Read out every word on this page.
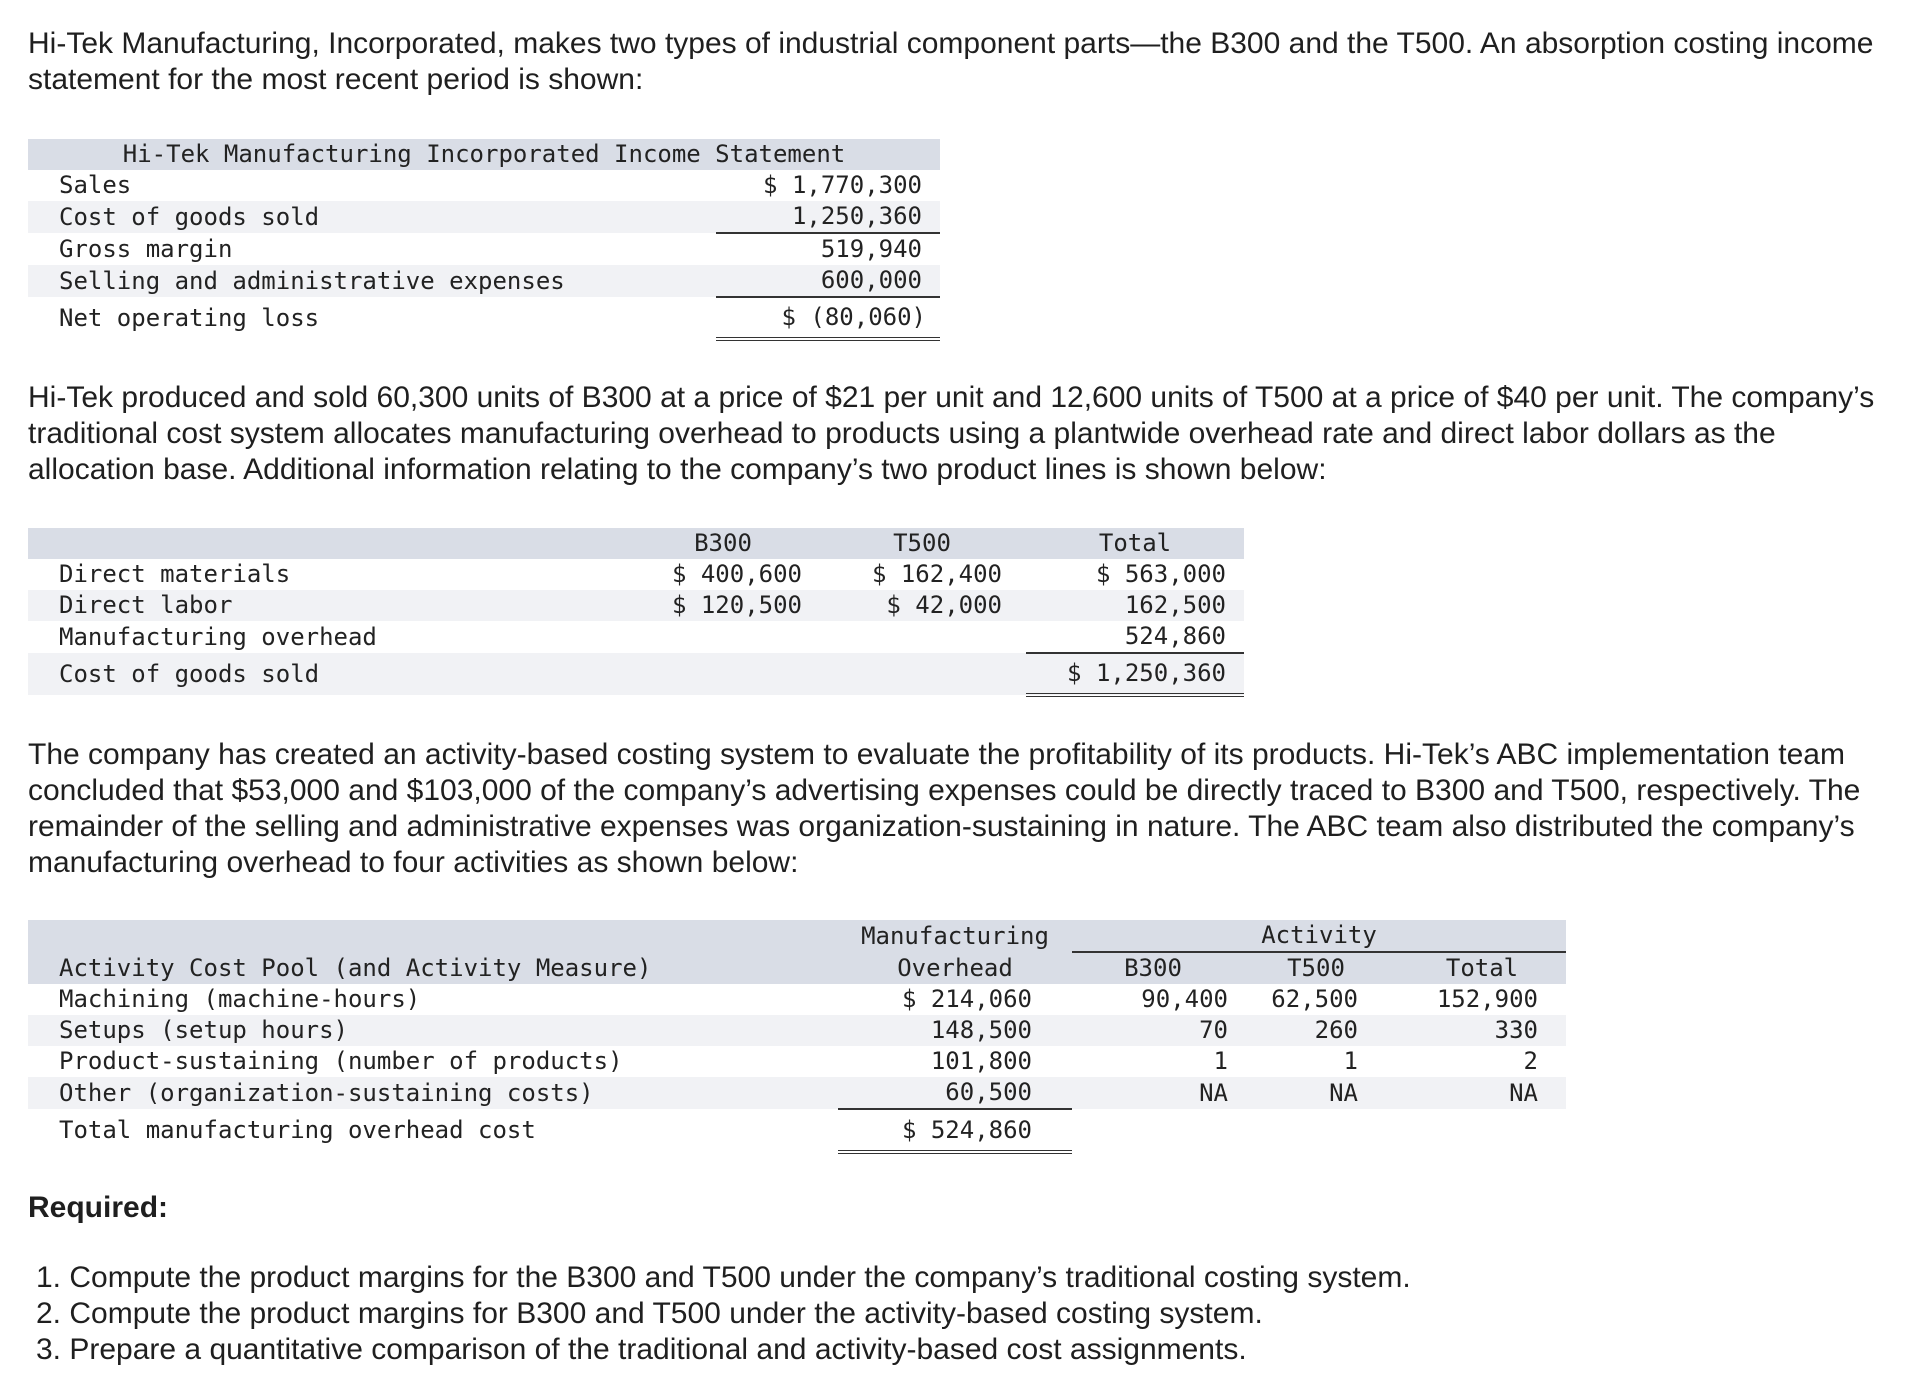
Hi-Tek Manufacturing, Incorporated, makes two types of industrial component parts—the B300 and the T500. An absorption costing income statement for the most recent period is shown:
Hi-Tek Manufacturing Incorporated Income Statement	
Sales	$ 1,770,300
Cost of goods sold	1,250,360
Gross margin	519,940
Selling and administrative expenses	600,000
Net operating loss	$ (80,060)
Hi-Tek produced and sold 60,300 units of B300 at a price of $21 per unit and 12,600 units of T500 at a price of $40 per unit. The company’s traditional cost system allocates manufacturing overhead to products using a plantwide overhead rate and direct labor dollars as the allocation base. Additional information relating to the company’s two product lines is shown below:
	B300	T500	Total
Direct materials	$ 400,600	$ 162,400	$ 563,000
Direct labor	$ 120,500	$ 42,000	162,500
Manufacturing overhead			524,860
Cost of goods sold			$ 1,250,360
The company has created an activity-based costing system to evaluate the profitability of its products. Hi-Tek’s ABC implementation team concluded that $53,000 and $103,000 of the company’s advertising expenses could be directly traced to B300 and T500, respectively. The remainder of the selling and administrative expenses was organization-sustaining in nature. The ABC team also distributed the company’s manufacturing overhead to four activities as shown below:
	Manufacturing	Activity		
Activity Cost Pool (and Activity Measure)	Overhead	B300	T500	Total
Machining (machine-hours)	$ 214,060	90,400	62,500	152,900
Setups (setup hours)	148,500	70	260	330
Product-sustaining (number of products)	101,800	1	1	2
Other (organization-sustaining costs)	60,500	NA	NA	NA
Total manufacturing overhead cost	$ 524,860			
Required:
1. Compute the product margins for the B300 and T500 under the company’s traditional costing system.
2. Compute the product margins for B300 and T500 under the activity-based costing system.
3. Prepare a quantitative comparison of the traditional and activity-based cost assignments.
